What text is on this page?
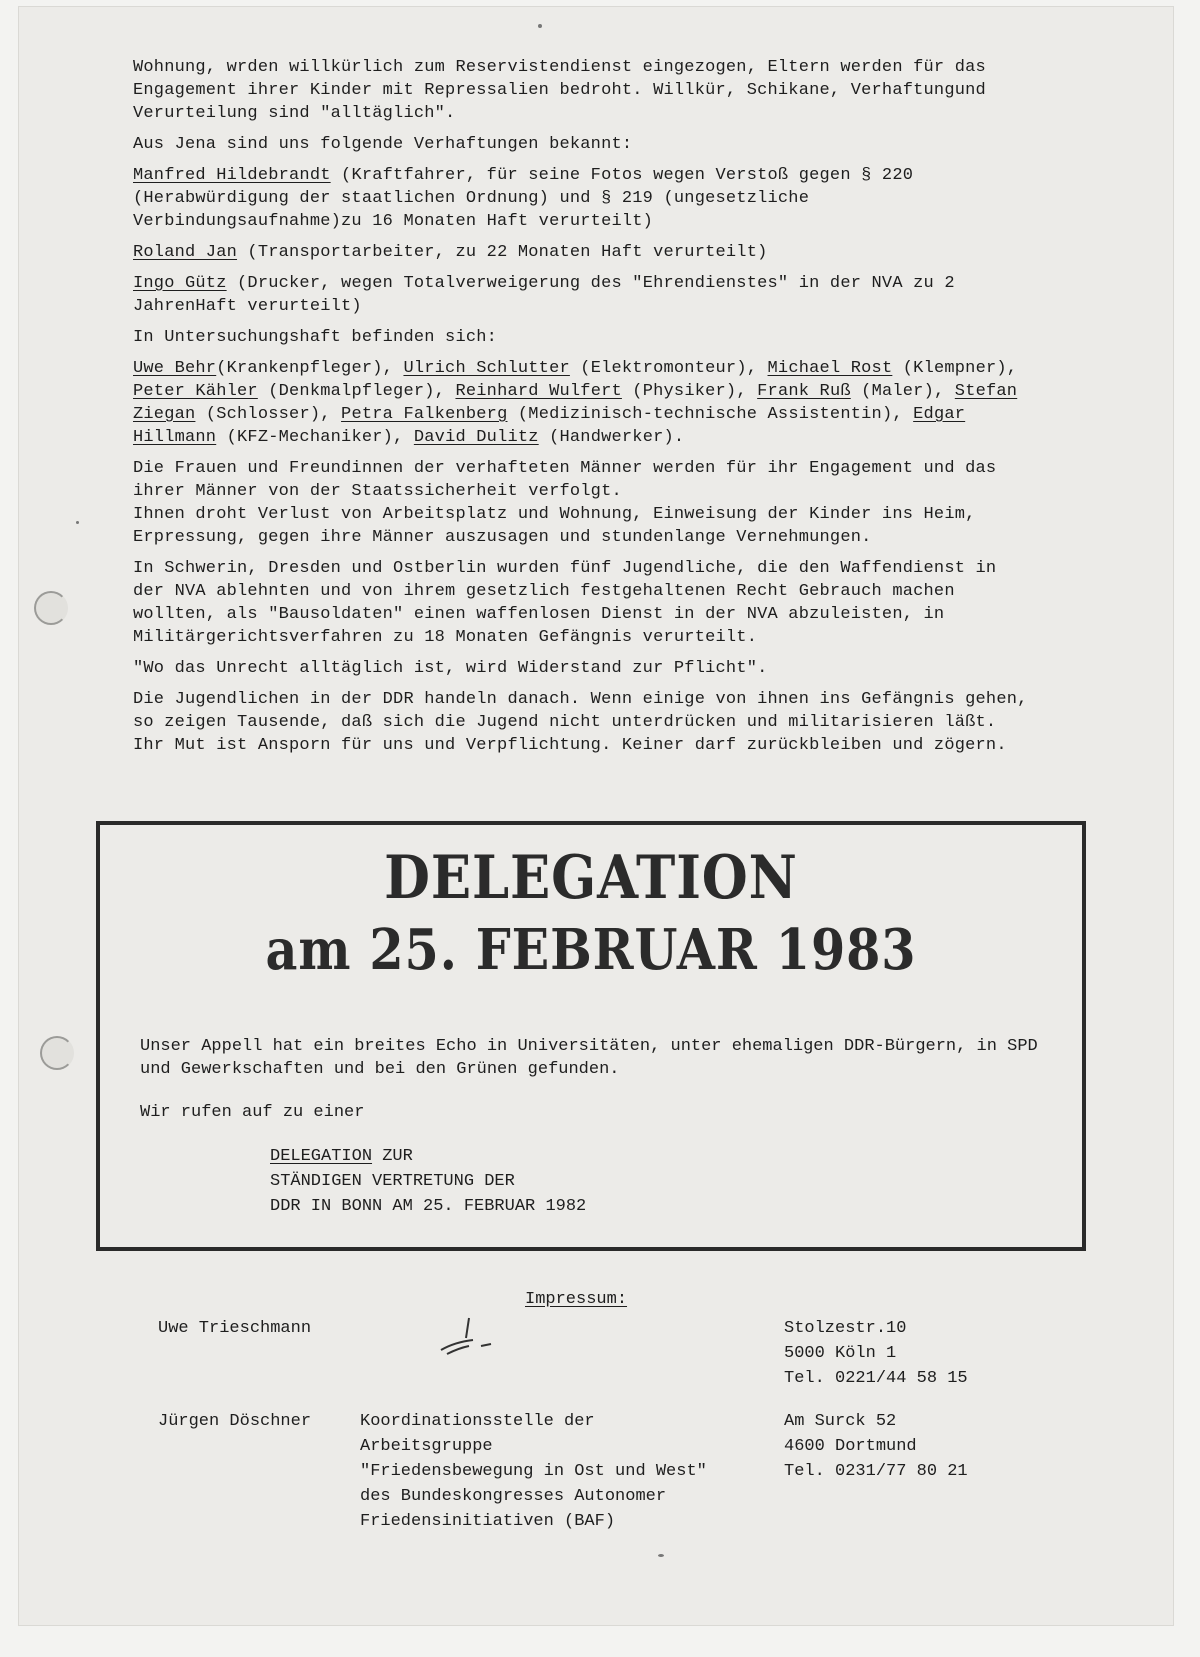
Wohnung, wrden willkürlich zum Reservistendienst eingezogen, Eltern werden für das Engagement ihrer Kinder mit Repressalien bedroht. Willkür, Schikane, Verhaftungund Verurteilung sind "alltäglich".

Aus Jena sind uns folgende Verhaftungen bekannt:

Manfred Hildebrandt (Kraftfahrer, für seine Fotos wegen Verstoß gegen § 220 (Herabwürdigung der staatlichen Ordnung) und § 219 (ungesetzliche Verbindungsaufnahme)zu 16 Monaten Haft verurteilt)

Roland Jan (Transportarbeiter, zu 22 Monaten Haft verurteilt)

Ingo Gütz (Drucker, wegen Totalverweigerung des "Ehrendienstes" in der NVA zu 2 JahrenHaft verurteilt)

In Untersuchungshaft befinden sich:

Uwe Behr(Krankenpfleger), Ulrich Schlutter (Elektromonteur), Michael Rost (Klempner), Peter Kähler (Denkmalpfleger), Reinhard Wulfert (Physiker), Frank Ruß (Maler), Stefan Ziegan (Schlosser), Petra Falkenberg (Medizinisch-technische Assistentin), Edgar Hillmann (KFZ-Mechaniker), David Dulitz (Handwerker).

Die Frauen und Freundinnen der verhafteten Männer werden für ihr Engagement und das ihrer Männer von der Staatssicherheit verfolgt.

Ihnen droht Verlust von Arbeitsplatz und Wohnung, Einweisung der Kinder ins Heim, Erpressung, gegen ihre Männer auszusagen und stundenlange Vernehmungen.

In Schwerin, Dresden und Ostberlin wurden fünf Jugendliche, die den Waffendienst in der NVA ablehnten und von ihrem gesetzlich festgehaltenen Recht Gebrauch machen wollten, als "Bausoldaten" einen waffenlosen Dienst in der NVA abzuleisten, in Militärgerichtsverfahren zu 18 Monaten Gefängnis verurteilt.

"Wo das Unrecht alltäglich ist, wird Widerstand zur Pflicht".

Die Jugendlichen in der DDR handeln danach. Wenn einige von ihnen ins Gefängnis gehen, so zeigen Tausende, daß sich die Jugend nicht unterdrücken und militarisieren läßt. Ihr Mut ist Ansporn für uns und Verpflichtung. Keiner darf zurückbleiben und zögern.

DELEGATION
am 25. FEBRUAR 1983

Unser Appell hat ein breites Echo in Universitäten, unter ehemaligen DDR-Bürgern, in SPD und Gewerkschaften und bei den Grünen gefunden.

Wir rufen auf zu einer

DELEGATION ZUR
STÄNDIGEN VERTRETUNG DER
DDR IN BONN AM 25. FEBRUAR 1982

Impressum:
Uwe Trieschmann	Stolzestr.10
5000 Köln 1
Tel. 0221/44 58 15
Jürgen Döschner	Koordinationsstelle der
Arbeitsgruppe
"Friedensbewegung in Ost und West"
des Bundeskongresses Autonomer
Friedensinitiativen (BAF)
Am Surck 52
4600 Dortmund
Tel. 0231/77 80 21
